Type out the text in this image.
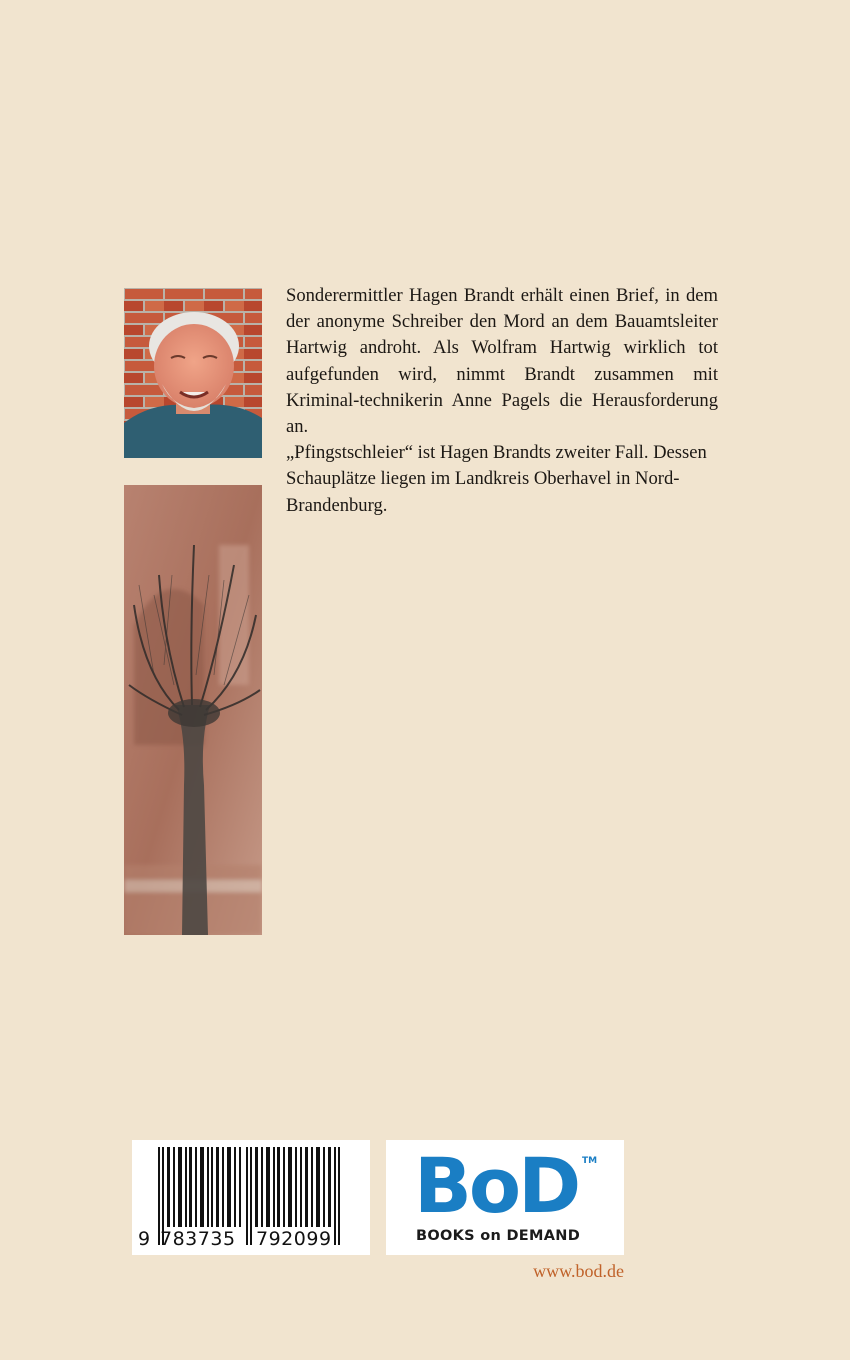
Sonderermittler Hagen Brandt erhält einen Brief, in dem der anonyme Schreiber den Mord an dem Bauamtsleiter Hartwig androht. Als Wolfram Hartwig wirklich tot aufgefunden wird, nimmt Brandt zusammen mit Kriminal-technikerin Anne Pagels die Herausforderung an.

„Pfingstschleier“ ist Hagen Brandts zweiter Fall. Dessen Schauplätze liegen im Landkreis Oberhavel in Nord-Brandenburg.

9 783735 792099
BoD TM
BOOKS on DEMAND
www.bod.de
